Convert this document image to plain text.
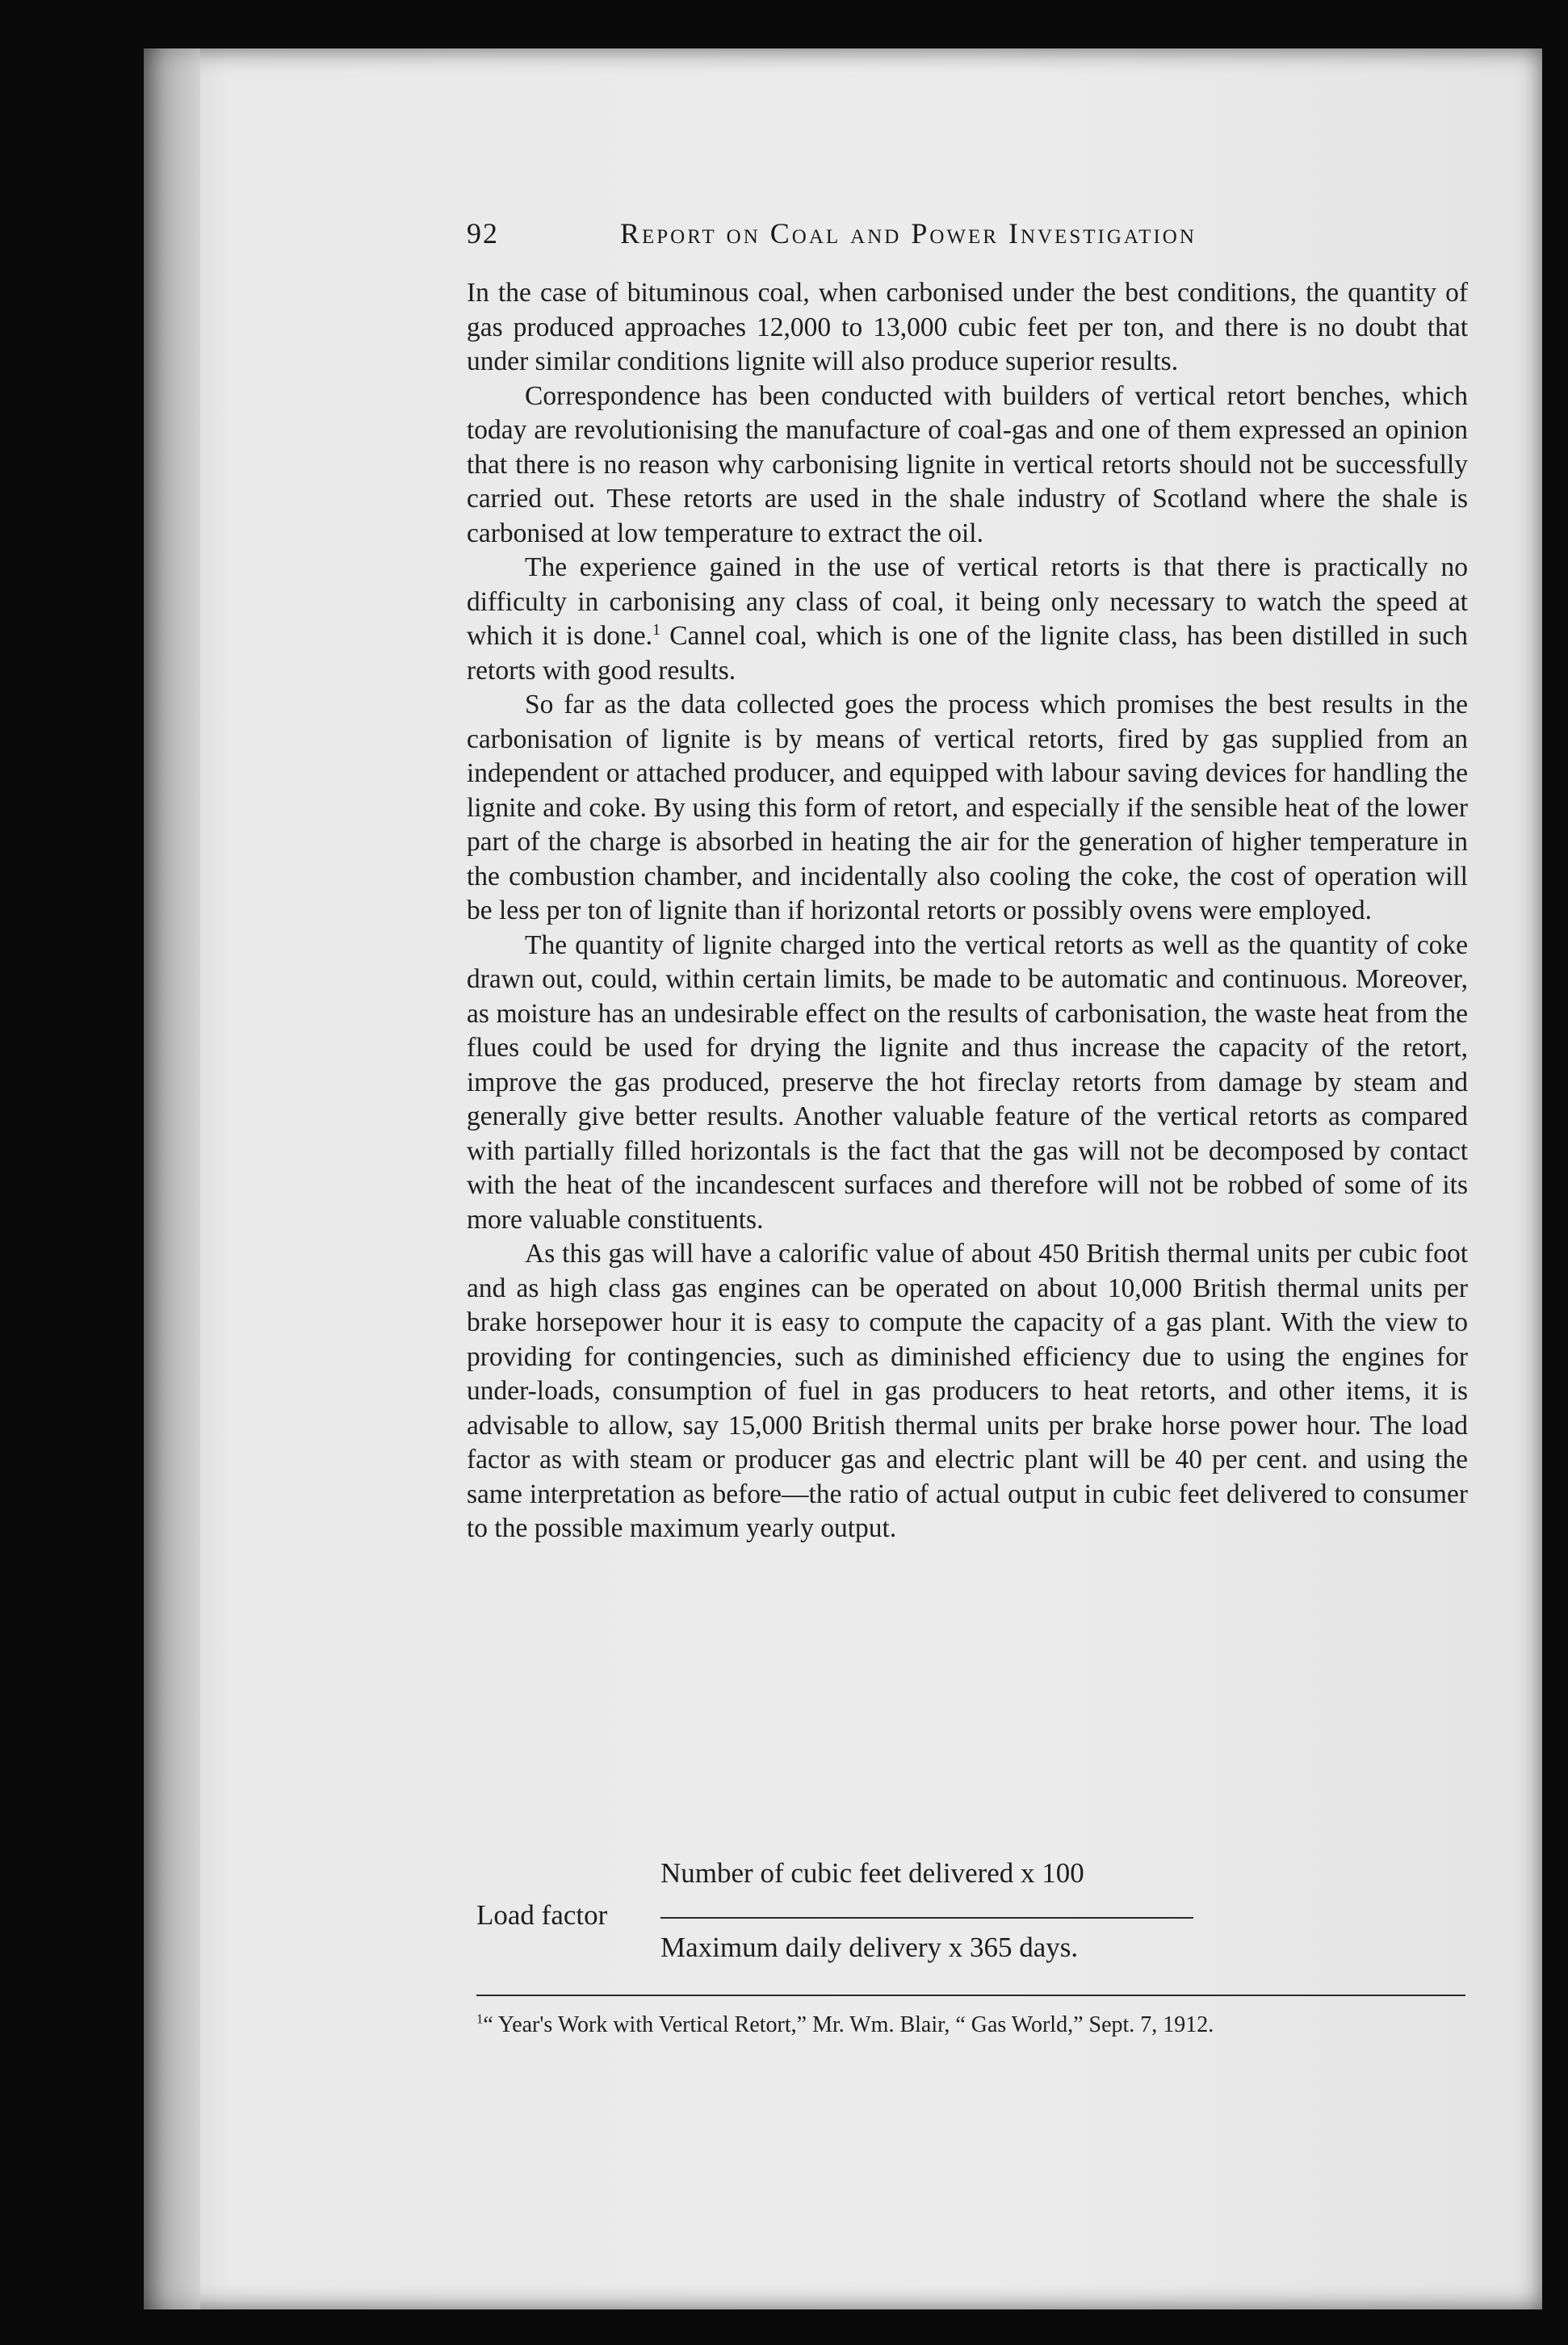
92	Report on Coal and Power Investigation

In the case of bituminous coal, when carbonised under the best conditions, the quantity of gas produced approaches 12,000 to 13,000 cubic feet per ton, and there is no doubt that under similar conditions lignite will also produce superior results.

Correspondence has been conducted with builders of vertical retort benches, which today are revolutionising the manufacture of coal-gas and one of them expressed an opinion that there is no reason why carbonising lignite in vertical retorts should not be successfully carried out. These retorts are used in the shale industry of Scotland where the shale is carbonised at low temperature to extract the oil.

The experience gained in the use of vertical retorts is that there is practically no difficulty in carbonising any class of coal, it being only necessary to watch the speed at which it is done.$^1$ Cannel coal, which is one of the lignite class, has been distilled in such retorts with good results.

So far as the data collected goes the process which promises the best results in the carbonisation of lignite is by means of vertical retorts, fired by gas supplied from an independent or attached producer, and equipped with labour saving devices for handling the lignite and coke. By using this form of retort, and especially if the sensible heat of the lower part of the charge is absorbed in heating the air for the generation of higher temperature in the combustion chamber, and incidentally also cooling the coke, the cost of operation will be less per ton of lignite than if horizontal retorts or possibly ovens were employed.

The quantity of lignite charged into the vertical retorts as well as the quantity of coke drawn out, could, within certain limits, be made to be automatic and continuous. Moreover, as moisture has an undesirable effect on the results of carbonisation, the waste heat from the flues could be used for drying the lignite and thus increase the capacity of the retort, improve the gas produced, preserve the hot fireclay retorts from damage by steam and generally give better results. Another valuable feature of the vertical retorts as compared with partially filled horizontals is the fact that the gas will not be decomposed by contact with the heat of the incandescent surfaces and therefore will not be robbed of some of its more valuable constituents.

As this gas will have a calorific value of about 450 British thermal units per cubic foot and as high class gas engines can be operated on about 10,000 British thermal units per brake horsepower hour it is easy to compute the capacity of a gas plant. With the view to providing for contingencies, such as diminished efficiency due to using the engines for under-loads, consumption of fuel in gas producers to heat retorts, and other items, it is advisable to allow, say 15,000 British thermal units per brake horse power hour. The load factor as with steam or producer gas and electric plant will be 40 per cent. and using the same interpretation as before—the ratio of actual output in cubic feet delivered to consumer to the possible maximum yearly output.

Load factor
Number of cubic feet delivered x 100
Maximum daily delivery x 365 days.
$^1$“ Year's Work with Vertical Retort,” Mr. Wm. Blair, “ Gas World,” Sept. 7, 1912.
